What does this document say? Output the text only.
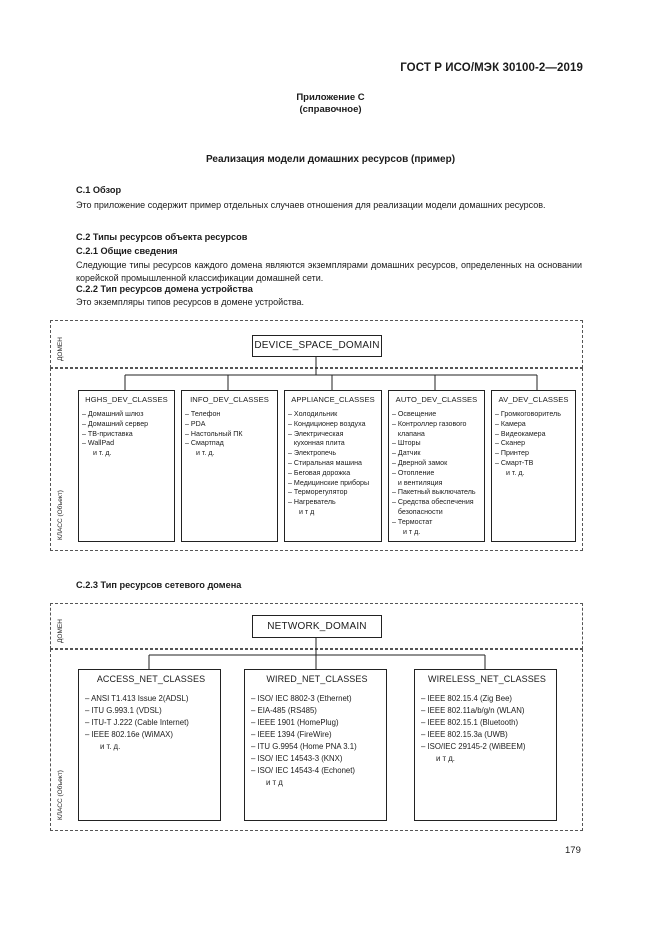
ГОСТ Р ИСО/МЭК 30100-2—2019
Приложение C
(справочное)
Реализация модели домашних ресурсов (пример)
C.1 Обзор
Это приложение содержит пример отдельных случаев отношения для реализации модели домашних ресурсов.
C.2 Типы ресурсов объекта ресурсов
C.2.1 Общие сведения
Следующие типы ресурсов каждого домена являются экземплярами домашних ресурсов, определенных на основании корейской промышленной классификации домашней сети.
C.2.2 Тип ресурсов домена устройства
Это экземпляры типов ресурсов в домене устройства.
ДОМЕН
КЛАСС (Объект)
DEVICE_SPACE_DOMAIN
HGHS_DEV_CLASSES
– Домашний шлюз
– Домашний сервер
– ТВ-приставка
– WallPad
и т. д.
INFO_DEV_CLASSES
– Телефон
– PDA
– Настольный ПК
– Смартпад
и т. д.
APPLIANCE_CLASSES
– Холодильник
– Кондиционер воздуха
– Электрическая
кухонная плита
– Электропечь
– Стиральная машина
– Беговая дорожка
– Медицинские приборы
– Терморегулятор
– Нагреватель
и т д
AUTO_DEV_CLASSES
– Освещение
– Контроллер газового
клапана
– Шторы
– Датчик
– Дверной замок
– Отопление
и вентиляция
– Пакетный выключатель
– Средства обеспечения
безопасности
– Термостат
и т д.
AV_DEV_CLASSES
– Громкоговоритель
– Камера
– Видеокамера
– Сканер
– Принтер
– Смарт-ТВ
и т. д.
C.2.3 Тип ресурсов сетевого домена
ДОМЕН
КЛАСС (Объект)
NETWORK_DOMAIN
ACCESS_NET_CLASSES
– ANSI T1.413 Issue 2(ADSL)
– ITU G.993.1 (VDSL)
– ITU-T J.222 (Cable Internet)
– IEEE 802.16e (WiMAX)
и т. д.
WIRED_NET_CLASSES
– ISO/ IEC 8802-3 (Ethernet)
– EIA-485 (RS485)
– IEEE 1901 (HomePlug)
– IEEE 1394 (FireWire)
– ITU G.9954 (Home PNA 3.1)
– ISO/ IEC 14543-3 (KNX)
– ISO/ IEC 14543-4 (Echonet)
и т д
WIRELESS_NET_CLASSES
– IEEE 802.15.4 (Zig Bee)
– IEEE 802.11a/b/g/n (WLAN)
– IEEE 802.15.1 (Bluetooth)
– IEEE 802.15.3a (UWB)
– ISO/IEC 29145-2 (WiBEEM)
и т д.
179
